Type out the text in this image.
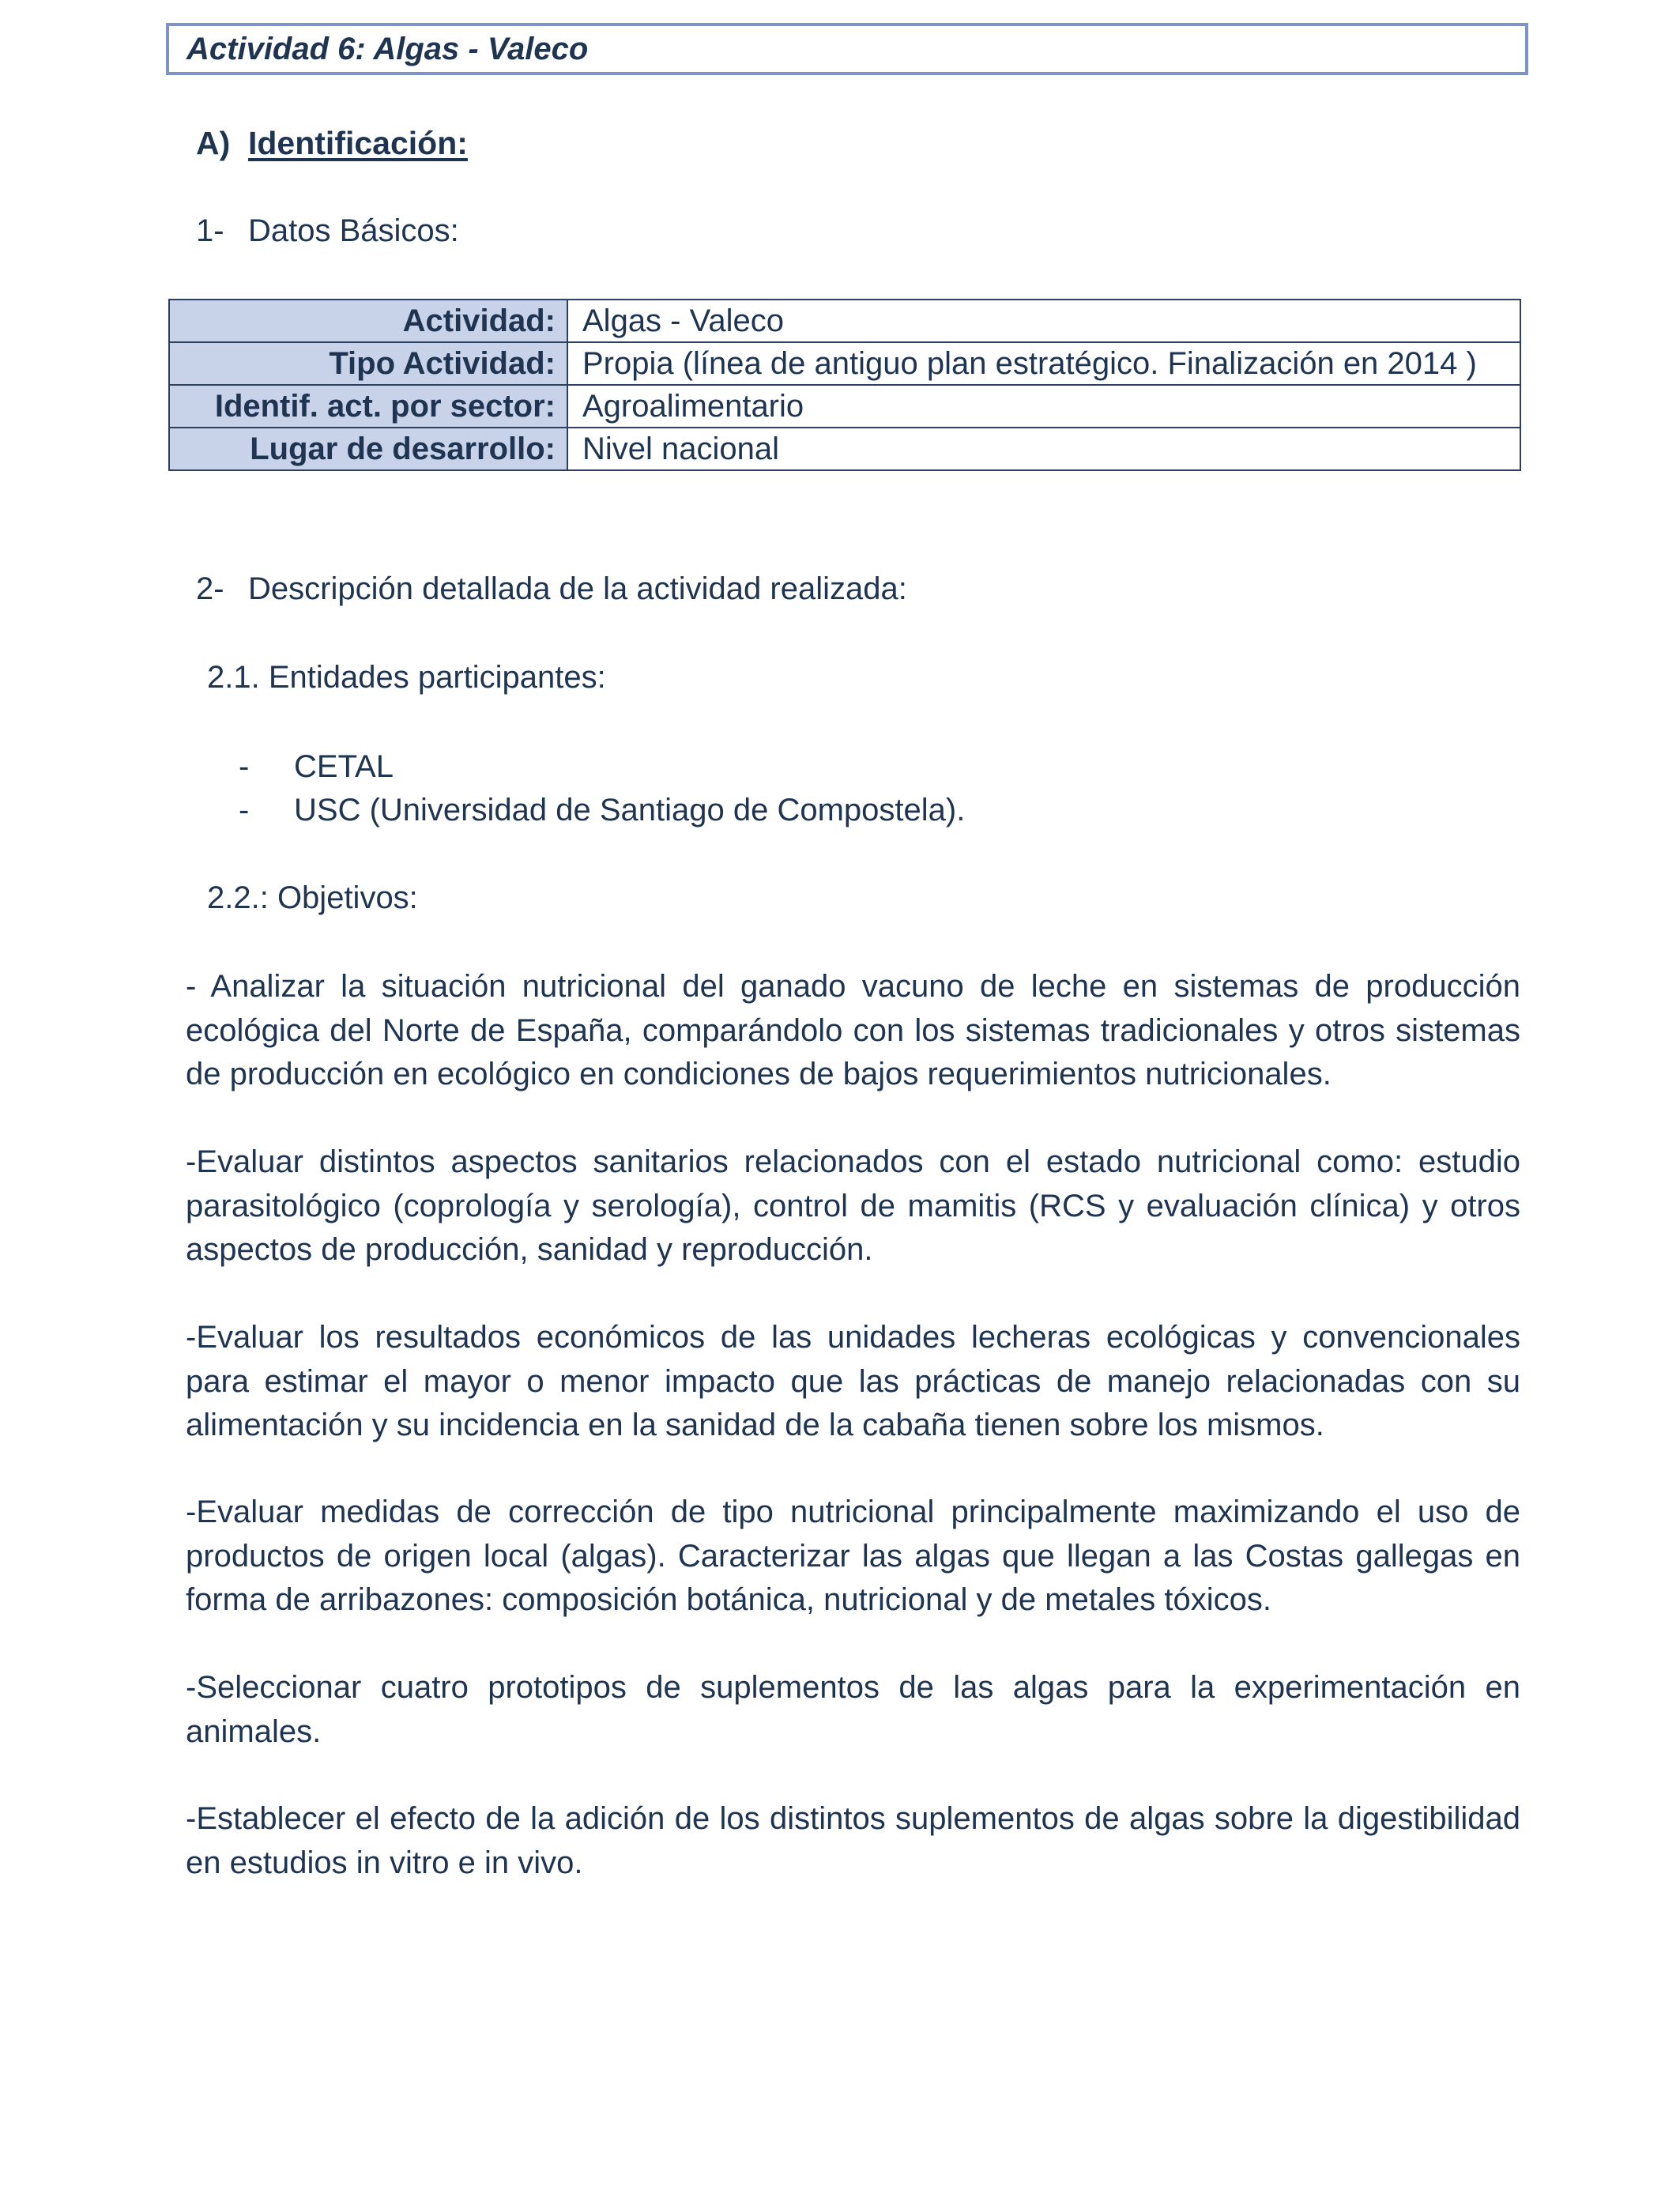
Actividad 6: Algas - Valeco
A) Identificación:
1- Datos Básicos:
Actividad:	Algas - Valeco
Tipo Actividad:	Propia (línea de antiguo plan estratégico. Finalización en 2014 )
Identif. act. por sector:	Agroalimentario
Lugar de desarrollo:	Nivel nacional
2- Descripción detallada de la actividad realizada:
2.1. Entidades participantes:
- CETAL
- USC (Universidad de Santiago de Compostela).
2.2.: Objetivos:
- Analizar la situación nutricional del ganado vacuno de leche en sistemas de producción ecológica del Norte de España, comparándolo con los sistemas tradicionales y otros sistemas de producción en ecológico en condiciones de bajos requerimientos nutricionales.
-Evaluar distintos aspectos sanitarios relacionados con el estado nutricional como: estudio parasitológico (coprología y serología), control de mamitis (RCS y evaluación clínica) y otros aspectos de producción, sanidad y reproducción.
-Evaluar los resultados económicos de las unidades lecheras ecológicas y convencionales para estimar el mayor o menor impacto que las prácticas de manejo relacionadas con su alimentación y su incidencia en la sanidad de la cabaña tienen sobre los mismos.
-Evaluar medidas de corrección de tipo nutricional principalmente maximizando el uso de productos de origen local (algas). Caracterizar las algas que llegan a las Costas gallegas en forma de arribazones: composición botánica, nutricional y de metales tóxicos.
-Seleccionar cuatro prototipos de suplementos de las algas para la experimentación en animales.
-Establecer el efecto de la adición de los distintos suplementos de algas sobre la digestibilidad en estudios in vitro e in vivo.
